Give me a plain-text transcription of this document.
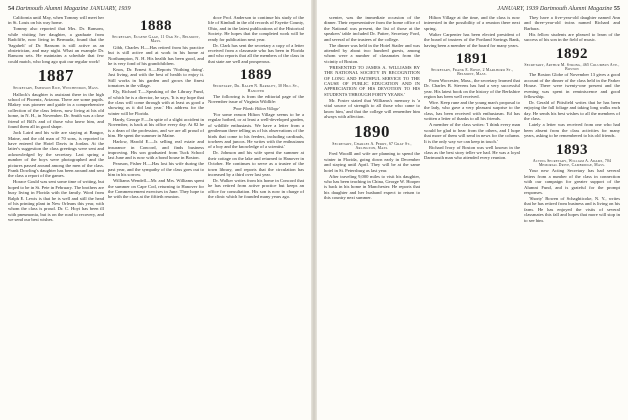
54 Dartmouth Alumni Magazine JANUARY, 1939

California until May, when Tommy will meet her in St. Louis on his way home.

Tommy also reported that Mrs. Dr. Ransom, while visiting her daughter, a graduate from Radcliffe, now living in Bermuda, found that the 'Sagahelt' of Dr. Ransom is still active as an obstetrician, and may night. What an example Dr. Ransom sets. He maintains a schedule that few could match, who long ago quit our regular work!

1887
Secretary, Emerson Rice, Winchendon, Mass.

Hallock's daughter is assistant there in the high school of Phoenix, Arizona. There are some pupils. Blakey was pioneer and guide in a comprehensive collection of the class letters, now living at his old home, in N. H., in November. Dr. Smith was a close friend of Bill's and of those who knew him, and found them all in good shape.

Jack Laird and his wife are staying at Bangor, Maine, and the old man of 70 sons, is reported to have entered the Hotel Davis in Jordan. At the latter's suggestion the class greetings were sent and acknowledged by the secretary. Last spring a number of the boys were photographed and the pictures passed around among the men of the class. Frank Dowling's daughter has been around and sent the class a report of the games.

Horace Gould was sent some time of writing, but hoped to be in St. Pete in February. The brothers are busy living in Florida with the family. Word from Ralph E. Lewis is that he is well and still the head of his printing plant in New Orleans this year, with whom the class is proud. Dr. C. Hoyt has been ill with pneumonia, but is on the road to recovery, and we send our best wishes.

1888
Secretary, Eugene Gage, 11 Oak St., Belmont, Mass.

Gibb, Charles H.—Has retired from his practice but is still active and at work in his home at Northampton, N. H. His health has been good, and he is very fond of his grandchildren.

Knox, Dr. Ernest S.—Reports 'Nothing doing'. Just living, and with the best of health to enjoy it. Still works in his garden and grows the finest tomatoes in the village.

Ely, Richard T.—Speaking of the Library Fund, of which he is a director, he says, 'It is my hope that the class will come through with at least as good a showing as it did last year.' His address for the winter will be Florida.

Hardy, George F.—In spite of a slight accident in November, is back at his office every day. At 82 he is a dean of the profession, and we are all proud of him. He spent the summer in Maine.

Harlow, Harold E.—Is selling real estate and insurance in Concord, and finds business improving. His son graduated from Tuck School last June and is now with a bond house in Boston.

Pearson, Fisher H.—Has lost his wife during the past year, and the sympathy of the class goes out to him in his sorrow.

Williams Wendell—Mr. and Mrs. Williams spent the summer on Cape Cod, returning to Hanover for the Commencement exercises in June. They hope to be with the class at the fiftieth reunion.

doce Prof. Anderson to continue his study of the life of Kimball in the old records of Fayette County, Ohio, and in the latest publications of the Historical Society. He hopes that the completed work will be ready for publication next year.

Dr. Clark has sent the secretary a copy of a letter received from a classmate who has been in Florida and who reports that all the members of the class in that state are well and prosperous.

1889
Secretary, Dr. Ralph N. Barkley, 30 Hill St., Hanover

The following is from the editorial page of the November issue of Virginia Wildlife:

'Poor Plank: Hilton Village'

'For some reason Hilton Village seems to be a regular hotbed, or at least a well-developed garden, of wildlife enthusiasts. We have a letter from a gentleman there telling us of his observations of the birds that come to his feeders, including cardinals, towhees and juncos. He writes with the enthusiasm of a boy and the knowledge of a scientist.'

Dr. Johnson and his wife spent the summer at their cottage on the lake and returned to Hanover in October. He continues to serve as a trustee of the town library, and reports that the circulation has increased by a third over last year.

Dr. Walker writes from his home in Concord that he has retired from active practice but keeps an office for consultation. His son is now in charge of the clinic which he founded many years ago.

JANUARY, 1939 Dartmouth Alumni Magazine 55

scenter, was the immediate occasion of the dinner. Their representative from the home office of the National was present, the list of those at the speakers' table included Dr. Pattee, Secretary Ford, and several of the trustees of the college.

The dinner was held in the Hotel Statler and was attended by about two hundred guests, among whom were a number of classmates from the vicinity of Boston.

'PRESENTED TO JAMES A. WILLIAMS BY THE NATIONAL SOCIETY IN RECOGNITION OF LONG AND FAITHFUL SERVICE TO THE CAUSE OF PUBLIC EDUCATION AND IN APPRECIATION OF HIS DEVOTION TO HIS STUDENTS THROUGH FORTY YEARS.'

Mr. Foster stated that Williams's memory is 'a vital source of strength to all those who came to know him,' and that the college will remember him always with affection.

1890
Secretary, Charles A. Perry, 67 Gray St., Arlington, Mass.

Fred Woodll and wife are planning to spend the winter in Florida, going down early in December and staying until April. They will be at the same hotel in St. Petersburg as last year.

After traveling 9,000 miles to visit his daughter, who has been teaching in China, George W. Hooper is back in his home in Manchester. He reports that his daughter and her husband expect to return to this country next summer.

Hilton Village at the time, and the class is now interested in the possibility of a reunion there next spring.

Walter Carpenter has been elected president of the board of trustees of the Portland Savings Bank, having been a member of the board for many years.

1891
Secretary, Frank E. Rowe, 2 Marlboro St., Belmont, Mass.

From Worcester, Mass., the secretary learned that Dr. Charles B. Stevens has had a very successful year. His latest book on the history of the Berkshire region has been well received.

Wire. Keep rune and the young man's proposal to the lady, who gave a very pleasant surprise to the class, has been received with enthusiasm. Ed has written a letter of thanks to all his friends.

A member of the class writes: 'I think every man would be glad to hear from the others, and I hope that more of them will send in news for the column. It is the only way we can keep in touch.'

Richard Ivory of Boston was well known in the class as the best story teller we had. He was a loyal Dartmouth man who attended every reunion.

They have a five-year-old daughter named Ann and three-year-old twins named Richard and Barbara.

His fellow students are pleased to learn of the success of his son in the field of music.

1892
Secretary, Arthur M. Strong, 465 Columbus Ave., Boston

The Boston Globe of November 13 gives a good account of the dinner of the class held in the Parker House. There were twenty-one present and the evening was spent in reminiscence and good fellowship.

Dr. Gerald of Pittsfield writes that he has been enjoying the fall foliage and taking long walks each day. He sends his best wishes to all the members of the class.

Lately a letter was received from one who had been absent from the class activities for many years, asking to be remembered to his old friends.

1893
Acting Secretary, William A. Adams, 704 Memorial Drive, Cambridge, Mass.

Your new Acting Secretary has had several letters from a number of the class in connection with our campaign for greater support of the Alumni Fund, and is grateful for the prompt responses.

'Shorty' Bowen of Schaghticoke, N. Y., writes that he has retired from business and is living on his farm. He has enjoyed the visits of several classmates this fall and hopes that more will stop in to see him.
